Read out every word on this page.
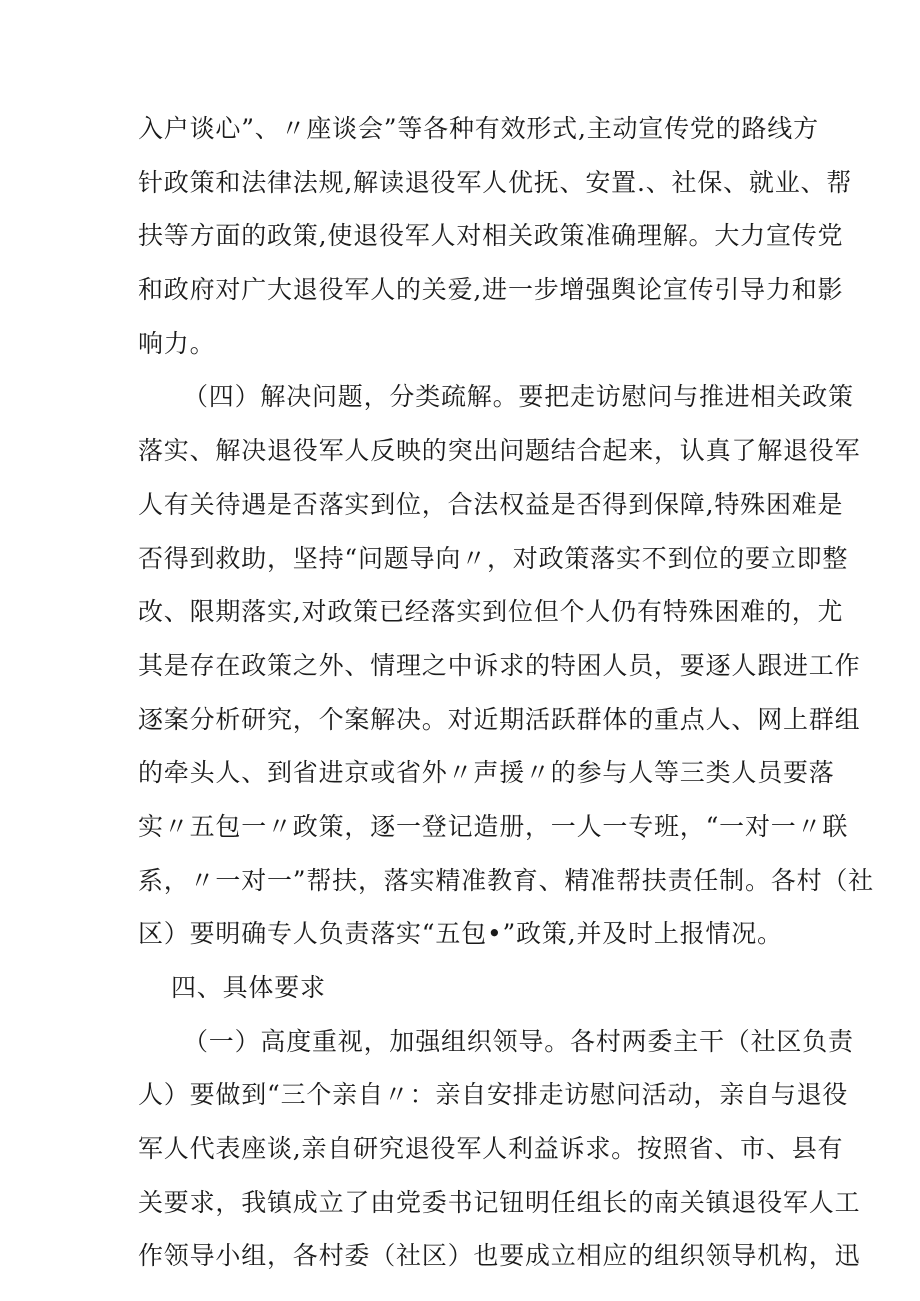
入户谈心”、〃座谈会”等各种有效形式,主动宣传党的路线方
针政策和法律法规,解读退役军人优抚、安置.、社保、就业、帮
扶等方面的政策,使退役军人对相关政策准确理解。大力宣传党
和政府对广大退役军人的关爱,进一步增强舆论宣传引导力和影
响力。
（四）解决问题，分类疏解。要把走访慰问与推进相关政策
落实、解决退役军人反映的突出问题结合起来，认真了解退役军
人有关待遇是否落实到位，合法权益是否得到保障,特殊困难是
否得到救助，坚持“问题导向〃，对政策落实不到位的要立即整
改、限期落实,对政策已经落实到位但个人仍有特殊困难的，尤
其是存在政策之外、情理之中诉求的特困人员，要逐人跟进工作
逐案分析研究，个案解决。对近期活跃群体的重点人、网上群组
的牵头人、到省进京或省外〃声援〃的参与人等三类人员要落
实〃五包一〃政策，逐一登记造册，一人一专班，“一对一〃联
系，〃一对一”帮扶，落实精准教育、精准帮扶责任制。各村（社
区）要明确专人负责落实“五包•”政策,并及时上报情况。
四、具体要求
（一）高度重视，加强组织领导。各村两委主干（社区负责
人）要做到“三个亲自〃：亲自安排走访慰问活动，亲自与退役
军人代表座谈,亲自研究退役军人利益诉求。按照省、市、县有
关要求，我镇成立了由党委书记钮明任组长的南关镇退役军人工
作领导小组，各村委（社区）也要成立相应的组织领导机构，迅
